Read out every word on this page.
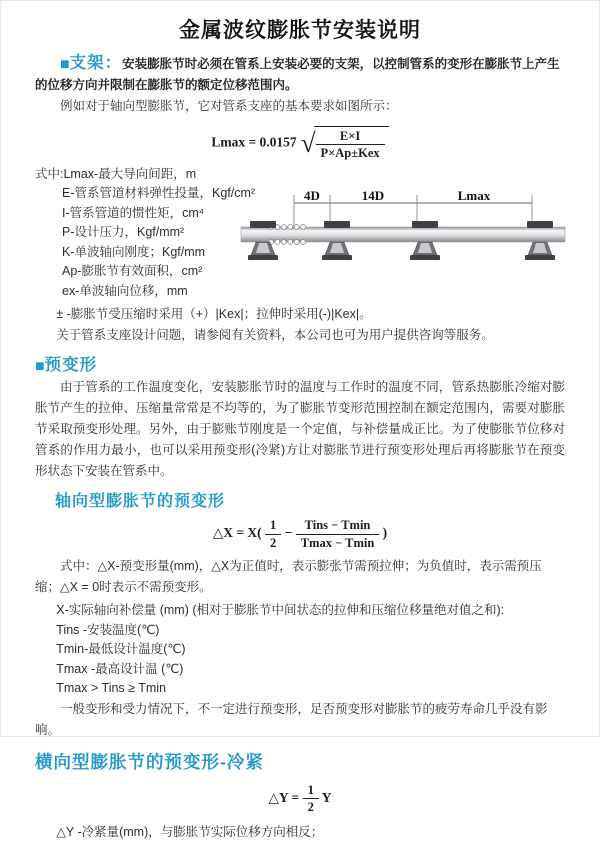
金属波纹膨胀节安装说明

■支架：安装膨胀节时必须在管系上安装必要的支架，以控制管系的变形在膨胀节上产生的位移方向并限制在膨胀节的额定位移范围内。

例如对于轴向型膨胀节，它对管系支座的基本要求如图所示：

Lmax = 0.0157 √ $\frac{E\times I}{\text{P×Ap±Kex}}$
式中:Lmax-最大导向间距，m
E-管系管道材料弹性投量，Kgf/cm²
I-管系管道的惯性矩，cm⁴
P-设计压力，Kgf/mm²
K-单波轴向刚度；Kgf/mm
Ap-膨胀节有效面积，cm²
ex-单波轴向位移，mm

± -膨胀节受压缩时采用（+）|Kex|；拉伸时采用(-)|Kex|。

关于管系支座设计问题，请参阅有关资料，本公司也可为用户提供咨询等服务。

■预变形

由于管系的工作温度变化，安装膨胀节时的温度与工作时的温度不同，管系热膨胀冷缩对膨胀节产生的拉伸、压缩量常常是不均等的，为了膨胀节变形范围控制在额定范围内，需要对膨胀节采取预变形处理。另外，由于膨账节刚度是一个定值，与补偿量成正比。为了使膨胀节位移对管系的作用力最小，也可以采用预变形(冷紧)方让对膨胀节进行预变形处理后再将膨胀节在预变形状态下安装在管系中。

轴向型膨胀节的预变形
△X = $X( \frac{1}{2} - \frac{\text{Tins − Tmin}}{Tmax - Tmin}$ )

式中：△X-预变形量(mm)，△X为正值时，表示膨张节需预拉伸；为负值时，表示需预压缩；△X = 0时表示不需预变形。

X-实际轴向补偿量 (mm) (相对于膨胀节中间状态的拉伸和压缩位移量绝对值之和):

Tins -安装温度(℃)

Tmin-最低设计温度(℃)

Tmax -最高设计温 (℃)

Tmax > Tins ≥ Tmin

一般变形和受力情况下，不一定进行预变形，足否预变形对膨胀节的疲劳寿命几乎没有影响。

横向型膨胀节的预变形-冷紧
△Y = $\frac{1}{2}$ Y

△Y -冷紧量(mm)，与膨胀节实际位移方向相反；

4D	14D	Lmax
